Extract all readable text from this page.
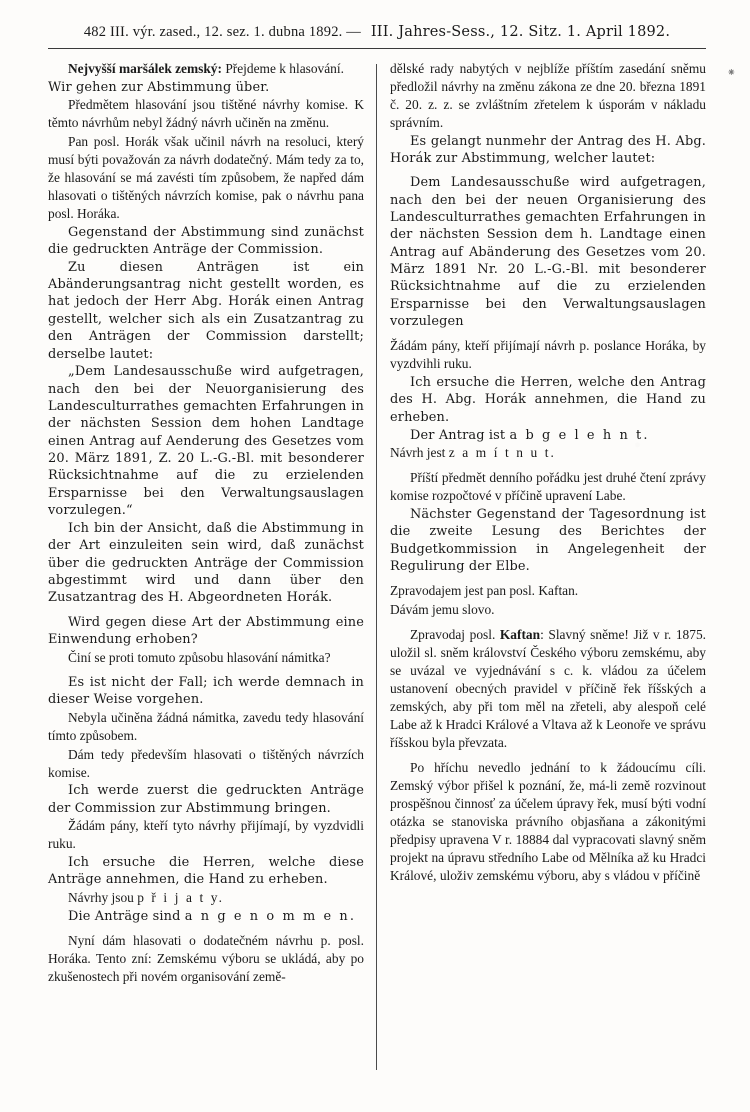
482 III. výr. zased., 12. sez. 1. dubna 1892. — III. Jahres-Sess., 12. Sitz. 1. April 1892.
⁕

Nejvyšší maršálek zemský: Přejdeme k hlasování.

Wir gehen zur Abstimmung über.

Předmětem hlasování jsou tištěné návrhy komise. K těmto návrhům nebyl žádný návrh učiněn na změnu.

Pan posl. Horák však učinil návrh na resoluci, který musí býti považován za návrh dodatečný. Mám tedy za to, že hlasování se má zavésti tím způsobem, že napřed dám hlasovati o tištěných návrzích komise, pak o návrhu pana posl. Horáka.

Gegenstand der Abstimmung sind zunächst die gedruckten Anträge der Commission.

Zu diesen Anträgen ist ein Abänderungsantrag nicht gestellt worden, es hat jedoch der Herr Abg. Horák einen Antrag gestellt, welcher sich als ein Zusatzantrag zu den Anträgen der Commission darstellt; derselbe lautet:

„Dem Landesausschuße wird aufgetragen, nach den bei der Neuorganisierung des Landesculturrathes gemachten Erfahrungen in der nächsten Session dem hohen Landtage einen Antrag auf Aenderung des Gesetzes vom 20. März 1891, Z. 20 L.-G.-Bl. mit besonderer Rücksichtnahme auf die zu erzielenden Ersparnisse bei den Verwaltungsauslagen vorzulegen.“

Ich bin der Ansicht, daß die Abstimmung in der Art einzuleiten sein wird, daß zunächst über die gedruckten Anträge der Commission abgestimmt wird und dann über den Zusatzantrag des H. Abgeordneten Horák.

Wird gegen diese Art der Abstimmung eine Einwendung erhoben?

Činí se proti tomuto způsobu hlasování námitka?

Es ist nicht der Fall; ich werde demnach in dieser Weise vorgehen.

Nebyla učiněna žádná námitka, zavedu tedy hlasování tímto způsobem.

Dám tedy především hlasovati o tištěných návrzích komise.

Ich werde zuerst die gedruckten Anträge der Commission zur Abstimmung bringen.

Žádám pány, kteří tyto návrhy přijímají, by vyzdvidli ruku.

Ich ersuche die Herren, welche diese Anträge annehmen, die Hand zu erheben.

Návrhy jsou p ř i j a t y.

Die Anträge sind a n g e n o m m e n.

Nyní dám hlasovati o dodatečném návrhu p. posl. Horáka. Tento zní: Zemskému výboru se ukládá, aby po zkušenostech při novém organisování země-

dělské rady nabytých v nejblíže příštím zasedání sněmu předložil návrhy na změnu zákona ze dne 20. března 1891 č. 20. z. z. se zvláštním zřetelem k úsporám v nákladu správním.

Es gelangt nunmehr der Antrag des H. Abg. Horák zur Abstimmung, welcher lautet:

Dem Landesausschuße wird aufgetragen, nach den bei der neuen Organisierung des Landesculturrathes gemachten Erfahrungen in der nächsten Session dem h. Landtage einen Antrag auf Abänderung des Gesetzes vom 20. März 1891 Nr. 20 L.-G.-Bl. mit besonderer Rücksichtnahme auf die zu erzielenden Ersparnisse bei den Verwaltungsauslagen vorzulegen

Žádám pány, kteří přijímají návrh p. poslance Horáka, by vyzdvihli ruku.

Ich ersuche die Herren, welche den Antrag des H. Abg. Horák annehmen, die Hand zu erheben.

Der Antrag ist a b g e l e h n t.

Návrh jest z a m í t n u t.

Příští předmět denního pořádku jest druhé čtení zprávy komise rozpočtové v příčině upravení Labe.

Nächster Gegenstand der Tagesordnung ist die zweite Lesung des Berichtes der Budgetkommission in Angelegenheit der Regulirung der Elbe.

Zpravodajem jest pan posl. Kaftan.

Dávám jemu slovo.

Zpravodaj posl. Kaftan: Slavný sněme! Již v r. 1875. uložil sl. sněm království Českého výboru zemskému, aby se uvázal ve vyjednávání s c. k. vládou za účelem ustanovení obecných pravidel v příčině řek říšských a zemských, aby při tom měl na zřeteli, aby alespoň celé Labe až k Hradci Králové a Vltava až k Leonoře ve správu říšskou byla převzata.

Po hříchu nevedlo jednání to k žádoucímu cíli. Zemský výbor přišel k poznání, že, má-li země rozvinout prospěšnou činnosť za účelem úpravy řek, musí býti vodní otázka se stanoviska právního objasňana a zákonitými předpisy upravena V r. 18884 dal vypracovati slavný sněm projekt na úpravu středního Labe od Mělníka až ku Hradci Králové, uloživ zemskému výboru, aby s vládou v příčině
